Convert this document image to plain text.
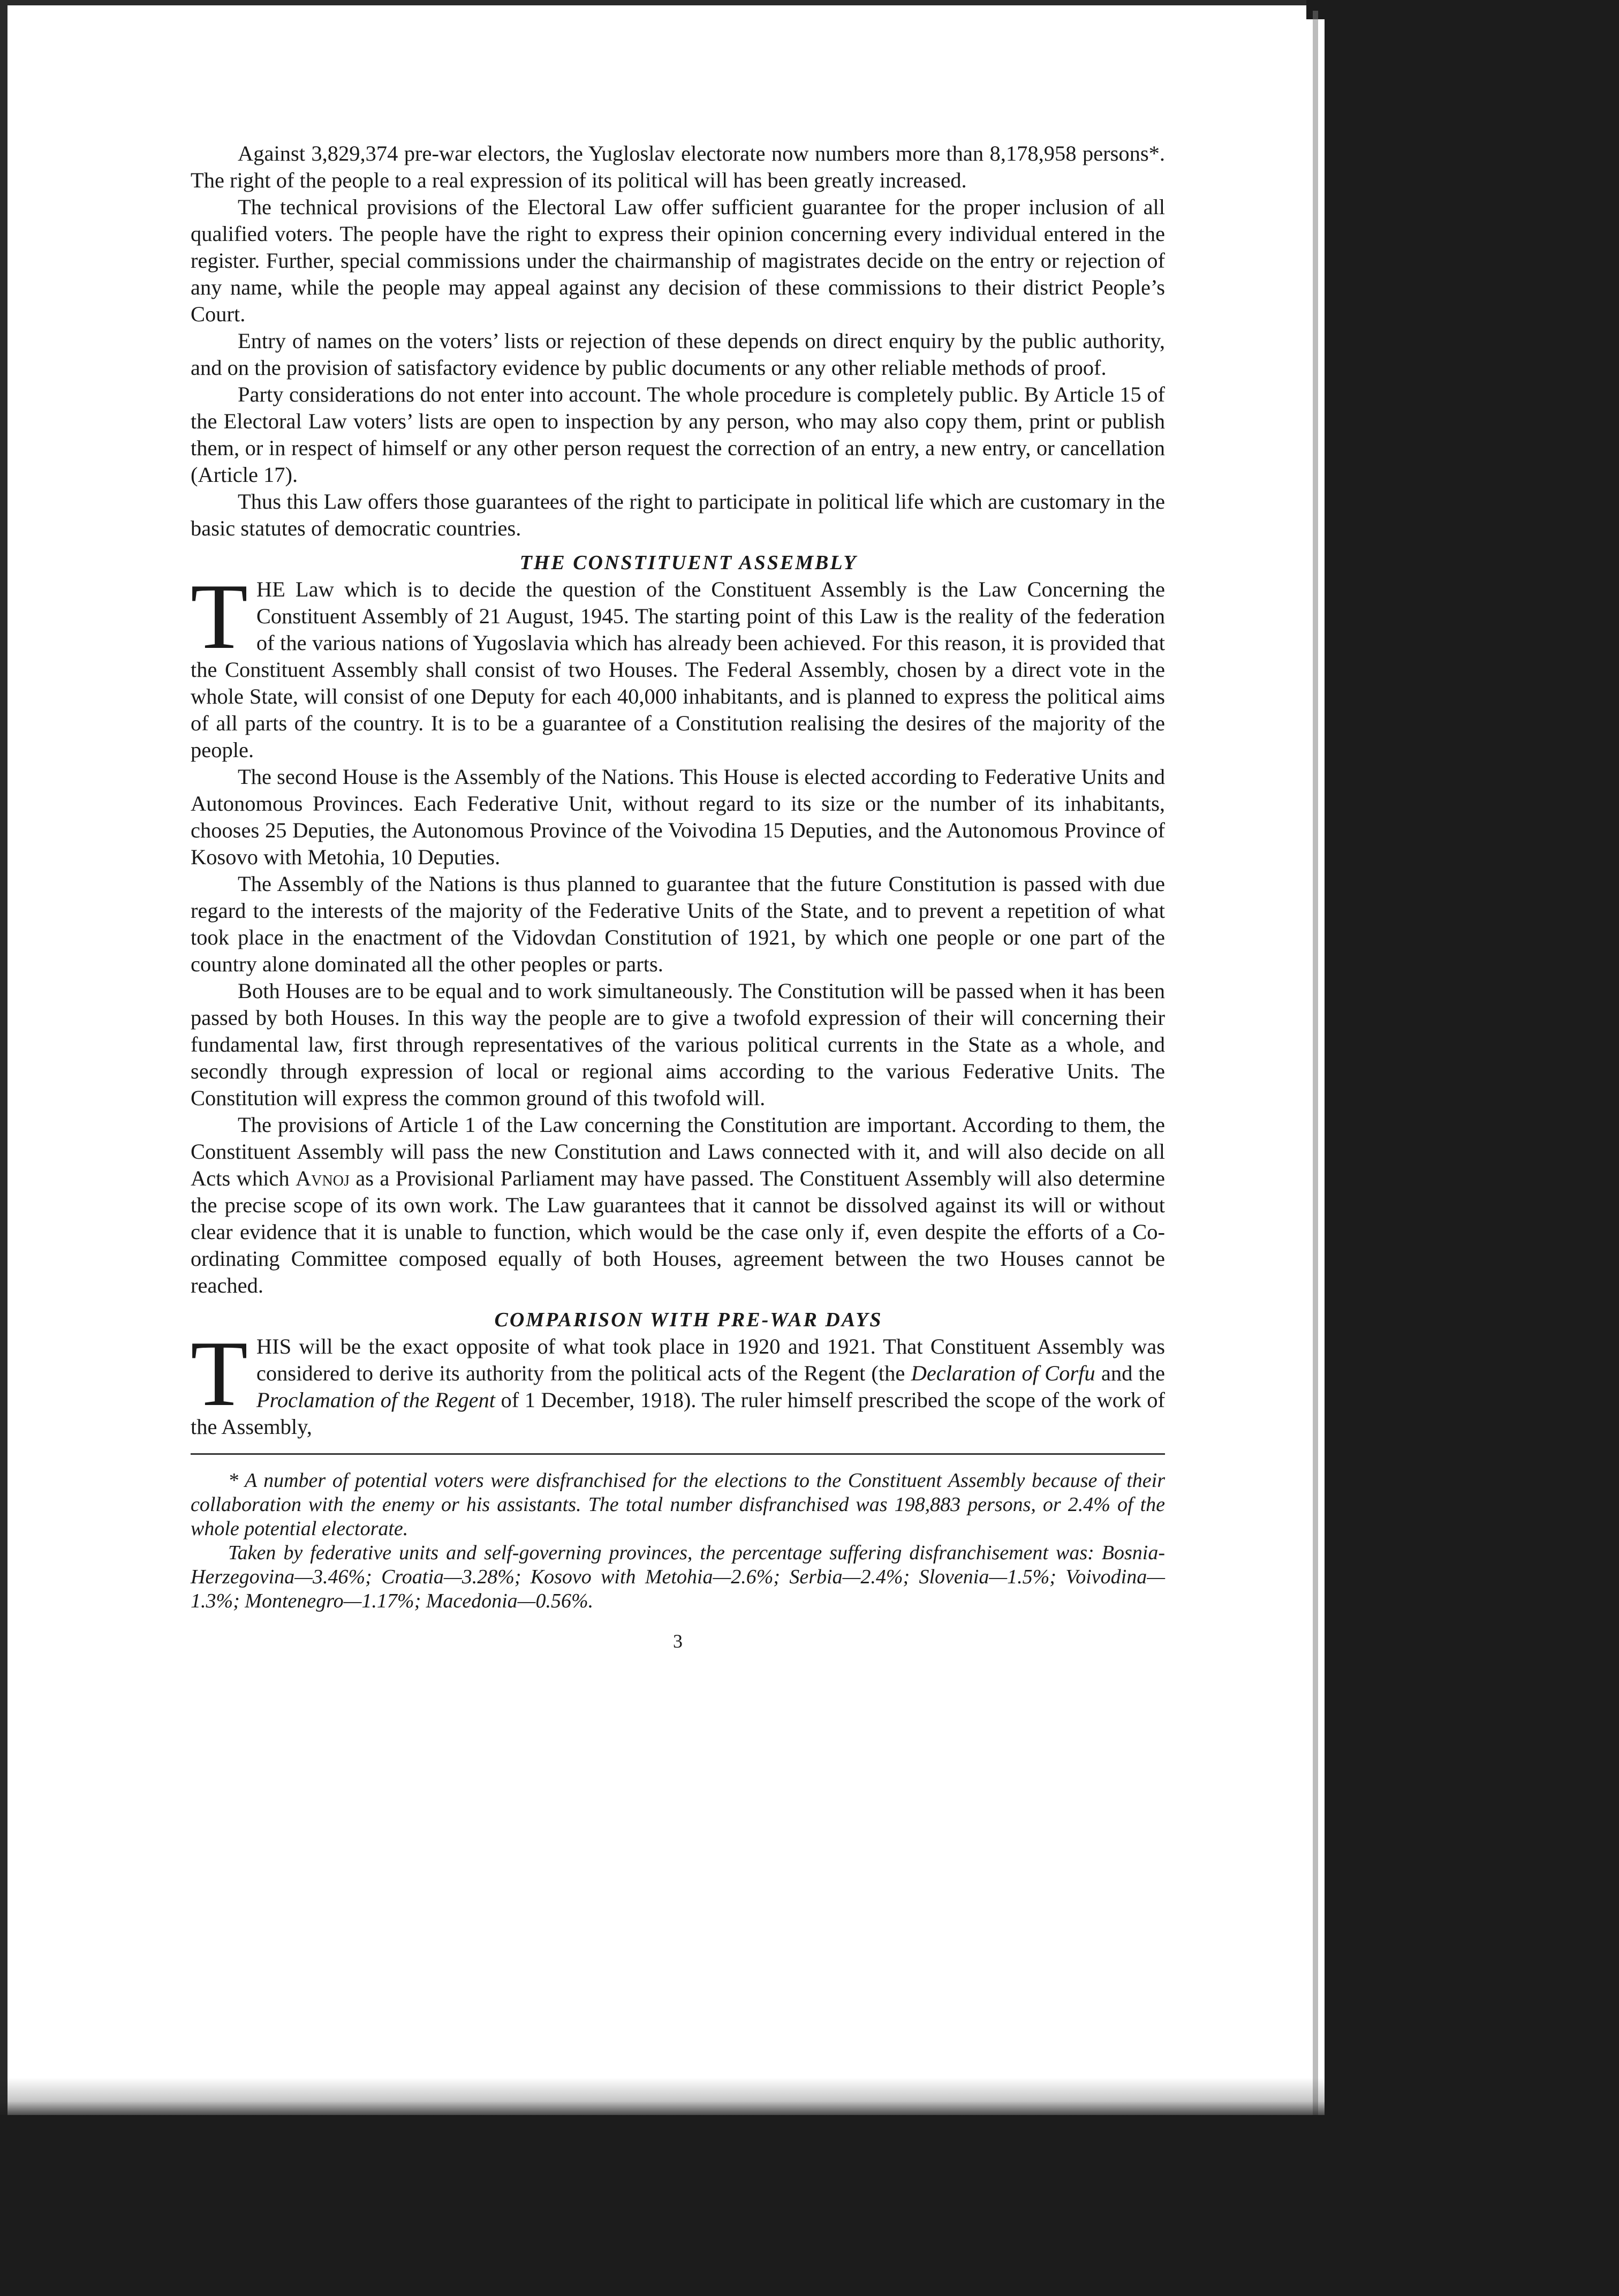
Against 3,829,374 pre-war electors, the Yugloslav electorate now numbers more than 8,178,958 persons*. The right of the people to a real expression of its political will has been greatly increased.

The technical provisions of the Electoral Law offer sufficient guarantee for the proper inclusion of all qualified voters. The people have the right to express their opinion concerning every individual entered in the register. Further, special commissions under the chairmanship of magistrates decide on the entry or rejection of any name, while the people may appeal against any decision of these commissions to their district People’s Court.

Entry of names on the voters’ lists or rejection of these depends on direct enquiry by the public authority, and on the provision of satisfactory evidence by public documents or any other reliable methods of proof.

Party considerations do not enter into account. The whole procedure is completely public. By Article 15 of the Electoral Law voters’ lists are open to inspection by any person, who may also copy them, print or publish them, or in respect of himself or any other person request the correction of an entry, a new entry, or cancellation (Article 17).

Thus this Law offers those guarantees of the right to participate in political life which are customary in the basic statutes of democratic countries.

THE CONSTITUENT ASSEMBLY

THE Law which is to decide the question of the Constituent Assembly is the Law Concerning the Constituent Assembly of 21 August, 1945. The starting point of this Law is the reality of the federation of the various nations of Yugoslavia which has already been achieved. For this reason, it is provided that the Constituent Assembly shall consist of two Houses. The Federal Assembly, chosen by a direct vote in the whole State, will consist of one Deputy for each 40,000 inhabitants, and is planned to express the political aims of all parts of the country. It is to be a guarantee of a Constitution realising the desires of the majority of the people.

The second House is the Assembly of the Nations. This House is elected according to Federative Units and Autonomous Provinces. Each Federative Unit, without regard to its size or the number of its inhabitants, chooses 25 Deputies, the Autonomous Province of the Voivodina 15 Deputies, and the Autonomous Province of Kosovo with Metohia, 10 Deputies.

The Assembly of the Nations is thus planned to guarantee that the future Constitution is passed with due regard to the interests of the majority of the Federative Units of the State, and to prevent a repetition of what took place in the enactment of the Vidovdan Constitution of 1921, by which one people or one part of the country alone dominated all the other peoples or parts.

Both Houses are to be equal and to work simultaneously. The Constitution will be passed when it has been passed by both Houses. In this way the people are to give a twofold expression of their will concerning their fundamental law, first through representatives of the various political currents in the State as a whole, and secondly through expression of local or regional aims according to the various Federative Units. The Constitution will express the common ground of this twofold will.

The provisions of Article 1 of the Law concerning the Constitution are important. According to them, the Constituent Assembly will pass the new Constitution and Laws connected with it, and will also decide on all Acts which Avnoj as a Provisional Parliament may have passed. The Constituent Assembly will also determine the precise scope of its own work. The Law guarantees that it cannot be dissolved against its will or without clear evidence that it is unable to function, which would be the case only if, even despite the efforts of a Co-ordinating Committee composed equally of both Houses, agreement between the two Houses cannot be reached.

COMPARISON WITH PRE-WAR DAYS

THIS will be the exact opposite of what took place in 1920 and 1921. That Constituent Assembly was considered to derive its authority from the political acts of the Regent (the Declaration of Corfu and the Proclamation of the Regent of 1 December, 1918). The ruler himself prescribed the scope of the work of the Assembly,

* A number of potential voters were disfranchised for the elections to the Constituent Assembly because of their collaboration with the enemy or his assistants. The total number disfranchised was 198,883 persons, or 2.4% of the whole potential electorate.

Taken by federative units and self-governing provinces, the percentage suffering disfranchisement was: Bosnia-Herzegovina—3.46%; Croatia—3.28%; Kosovo with Metohia—2.6%; Serbia—2.4%; Slovenia—1.5%; Voivodina—1.3%; Montenegro—1.17%; Macedonia—0.56%.

3
